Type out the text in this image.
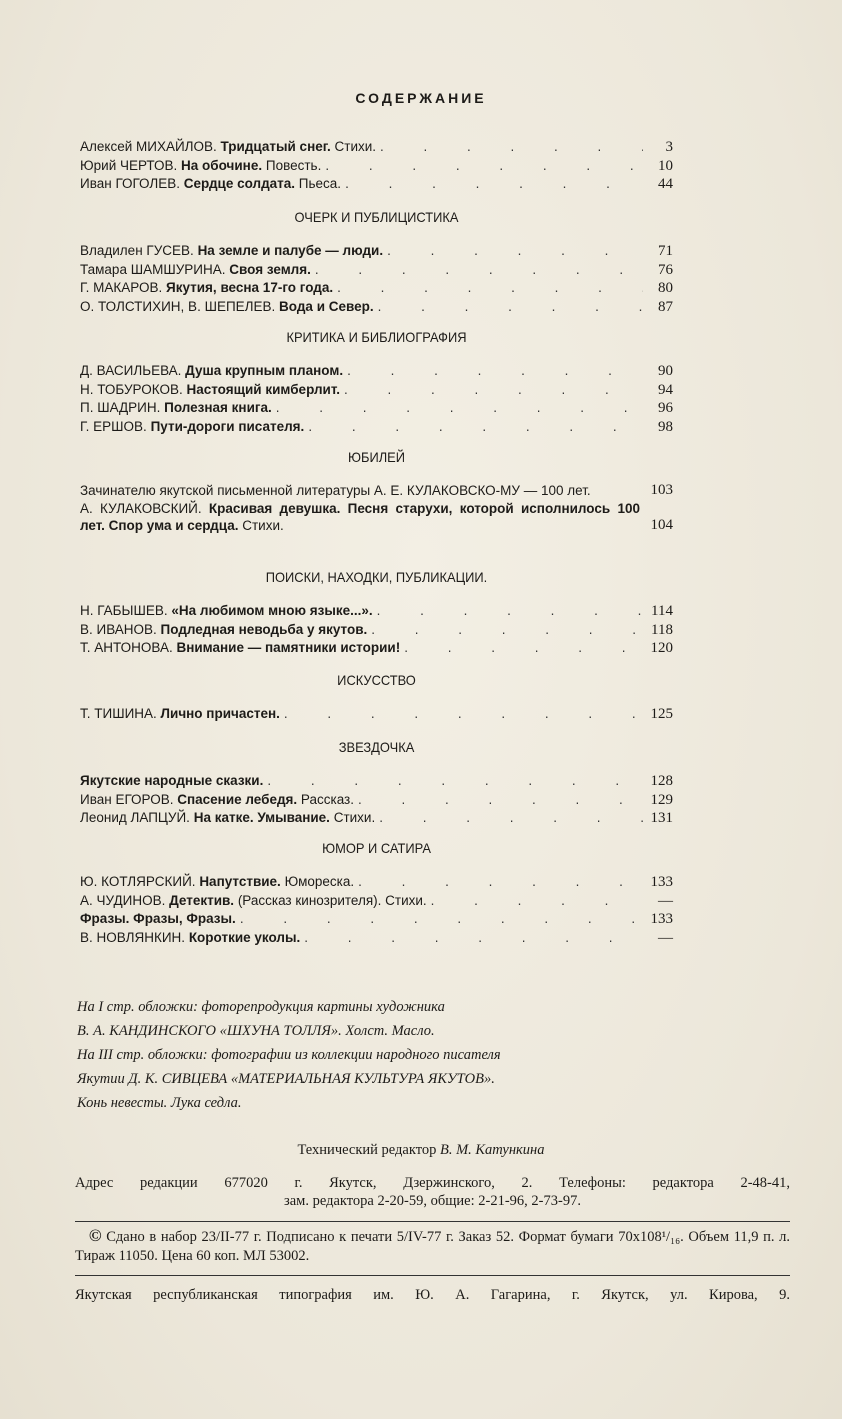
СОДЕРЖАНИЕ
Алексей МИХАЙЛОВ. Тридцатый снег. Стихи. . . .	3
Юрий ЧЕРТОВ. На обочине. Повесть. . . .	10
Иван ГОГОЛЕВ. Сердце солдата. Пьеса. . . .	44
ОЧЕРК И ПУБЛИЦИСТИКА
Владилен ГУСЕВ. На земле и палубе — люди. . . .	71
Тамара ШАМШУРИНА. Своя земля. . . .	76
Г. МАКАРОВ. Якутия, весна 17-го года. . . .	80
О. ТОЛСТИХИН, В. ШЕПЕЛЕВ. Вода и Север. . . .	87
КРИТИКА И БИБЛИОГРАФИЯ
Д. ВАСИЛЬЕВА. Душа крупным планом. . . .	90
Н. ТОБУРОКОВ. Настоящий кимберлит. . . .	94
П. ШАДРИН. Полезная книга. . . .	96
Г. ЕРШОВ. Пути-дороги писателя. . . .	98
ЮБИЛЕЙ
Зачинателю якутской письменной литературы А. Е. КУЛАКОВСКО-МУ — 100 лет.	103
А. КУЛАКОВСКИЙ. Красивая девушка. Песня старухи, которой исполнилось 100 лет. Спор ума и сердца. Стихи.	104
ПОИСКИ, НАХОДКИ, ПУБЛИКАЦИИ.
Н. ГАБЫШЕВ. «На любимом мною языке...». . . .	114
В. ИВАНОВ. Подледная неводьба у якутов. . . .	118
Т. АНТОНОВА. Внимание — памятники истории! . . .	120
ИСКУССТВО
Т. ТИШИНА. Лично причастен. . . .	125
ЗВЕЗДОЧКА
Якутские народные сказки. . . .	128
Иван ЕГОРОВ. Спасение лебедя. Рассказ. . . .	129
Леонид ЛАПЦУЙ. На катке. Умывание. Стихи. . . .	131
ЮМОР И САТИРА
Ю. КОТЛЯРСКИЙ. Напутствие. Юмореска. . . .	133
А. ЧУДИНОВ. Детектив. (Рассказ кинозрителя). Стихи. . . .	—
Фразы. Фразы, Фразы. . . .	133
В. НОВЛЯНКИН. Короткие уколы. . . .	—
На I стр. обложки: фоторепродукция картины художника
В. А. КАНДИНСКОГО «ШХУНА ТОЛЛЯ». Холст. Масло.
На III стр. обложки: фотографии из коллекции народного писателя
Якутии Д. К. СИВЦЕВА «МАТЕРИАЛЬНАЯ КУЛЬТУРА ЯКУТОВ».
Конь невесты. Лука седла.
Технический редактор В. М. Катункина
Адрес редакции 677020 г. Якутск, Дзержинского, 2. Телефоны: редактора 2-48-41,
зам. редактора 2-20-59, общие: 2-21-96, 2-73-97.
© Сдано в набор 23/II-77 г. Подписано к печати 5/IV-77 г. Заказ 52. Формат бумаги 70x108¹/₁₆. Объем 11,9 п. л. Тираж 11050. Цена 60 коп. МЛ 53002.
Якутская республиканская типография им. Ю. А. Гагарина, г. Якутск, ул. Кирова, 9.
